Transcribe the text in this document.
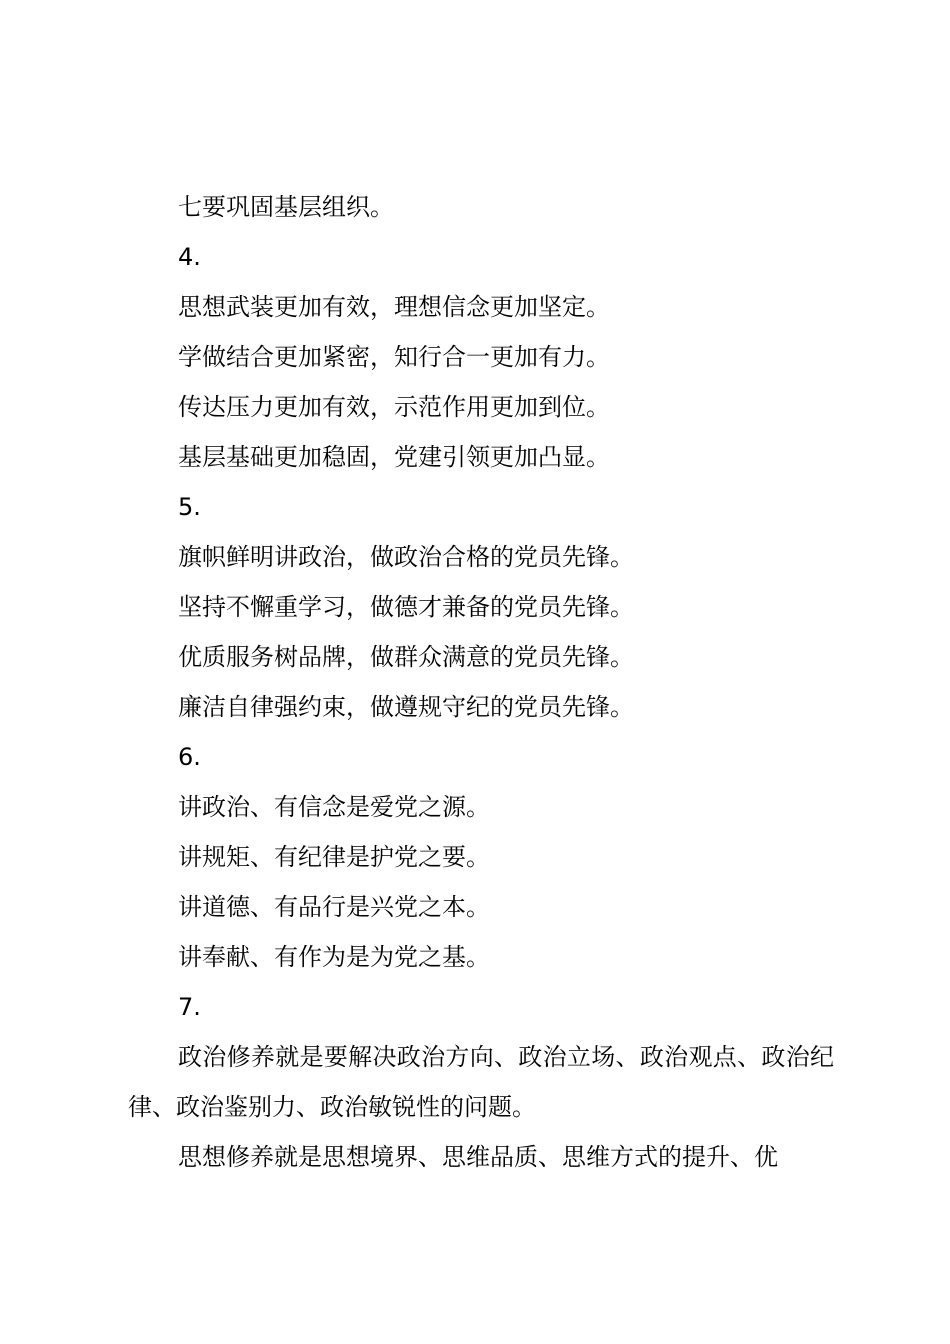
七要巩固基层组织。
4.
思想武装更加有效，理想信念更加坚定。
学做结合更加紧密，知行合一更加有力。
传达压力更加有效，示范作用更加到位。
基层基础更加稳固，党建引领更加凸显。
5.
旗帜鲜明讲政治，做政治合格的党员先锋。
坚持不懈重学习，做德才兼备的党员先锋。
优质服务树品牌，做群众满意的党员先锋。
廉洁自律强约束，做遵规守纪的党员先锋。
6.
讲政治、有信念是爱党之源。
讲规矩、有纪律是护党之要。
讲道德、有品行是兴党之本。
讲奉献、有作为是为党之基。
7.
政治修养就是要解决政治方向、政治立场、政治观点、政治纪律、政治鉴别力、政治敏锐性的问题。
思想修养就是思想境界、思维品质、思维方式的提升、优
